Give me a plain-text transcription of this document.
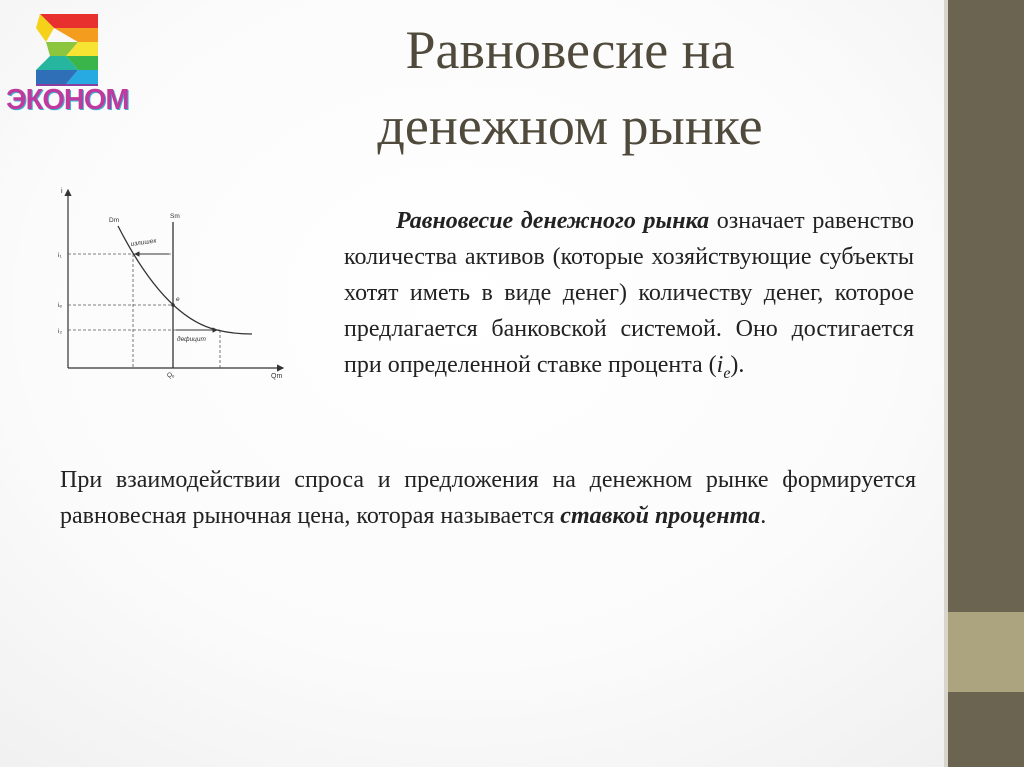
ЭКОНОМ
Равновесие на
денежном рынке
i
Qm
Dm
Sm
излишек
дефицит
e
i₁
iₑ
i₂
Qₑ
Равновесие денежного рынка означает равенство количества активов (которые хозяйствующие субъекты хотят иметь в виде денег) количеству денег, которое предлагается банковской системой. Оно достигается при определенной ставке процента $(i_e)$.
При взаимодействии спроса и предложения на денежном рынке формируется равновесная рыночная цена, которая называется ставкой процента.
